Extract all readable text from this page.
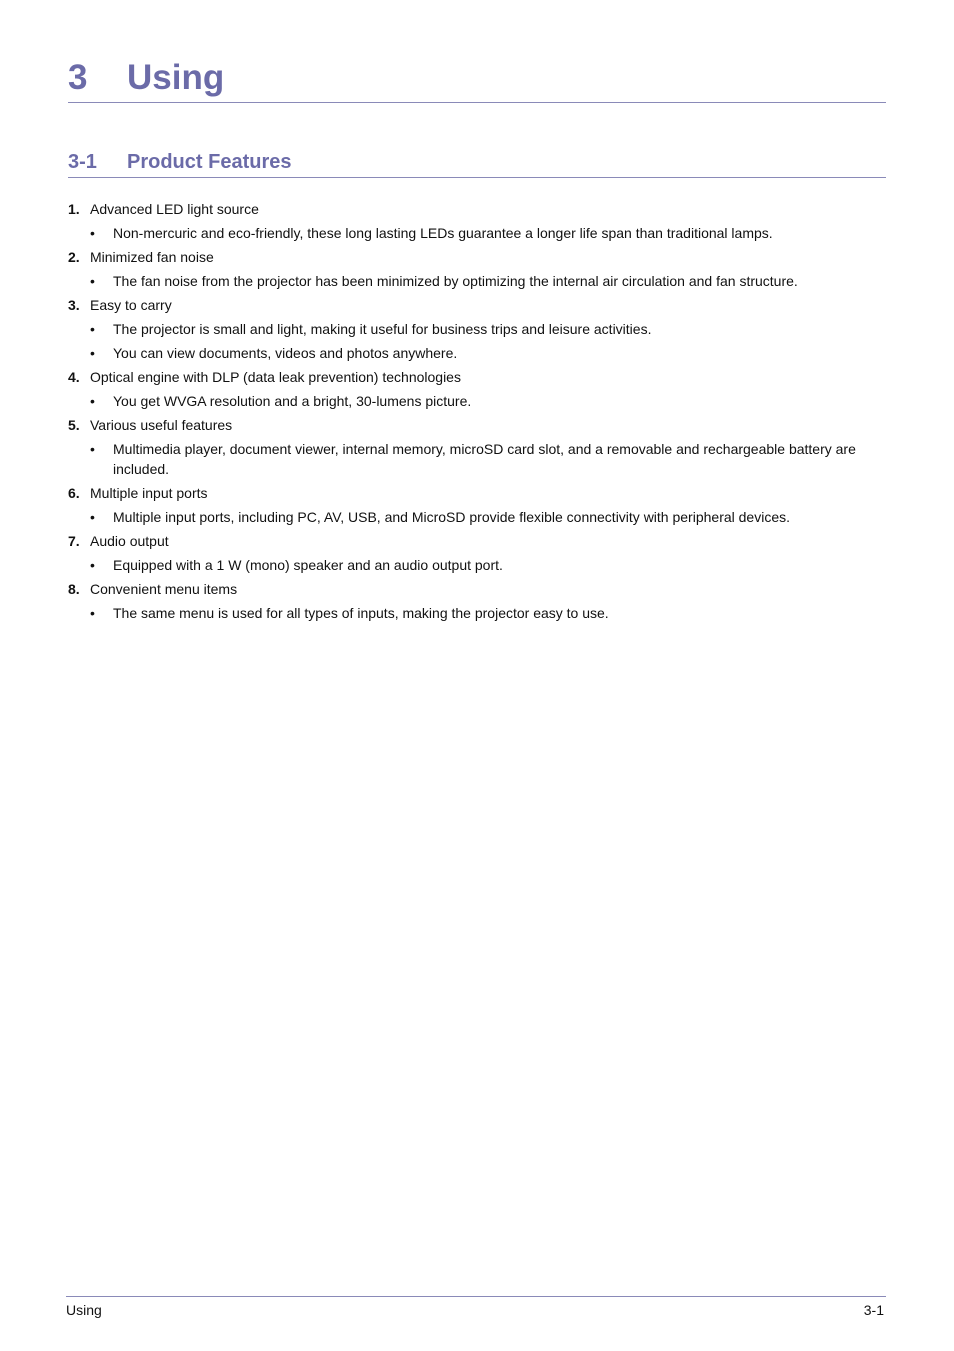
3 Using
3-1 Product Features
1. Advanced LED light source
• Non-mercuric and eco-friendly, these long lasting LEDs guarantee a longer life span than traditional lamps.
2. Minimized fan noise
• The fan noise from the projector has been minimized by optimizing the internal air circulation and fan structure.
3. Easy to carry
• The projector is small and light, making it useful for business trips and leisure activities.
• You can view documents, videos and photos anywhere.
4. Optical engine with DLP (data leak prevention) technologies
• You get WVGA resolution and a bright, 30-lumens picture.
5. Various useful features
• Multimedia player, document viewer, internal memory, microSD card slot, and a removable and rechargeable battery are included.
6. Multiple input ports
• Multiple input ports, including PC, AV, USB, and MicroSD provide flexible connectivity with peripheral devices.
7. Audio output
• Equipped with a 1 W (mono) speaker and an audio output port.
8. Convenient menu items
• The same menu is used for all types of inputs, making the projector easy to use.
Using	3-1
